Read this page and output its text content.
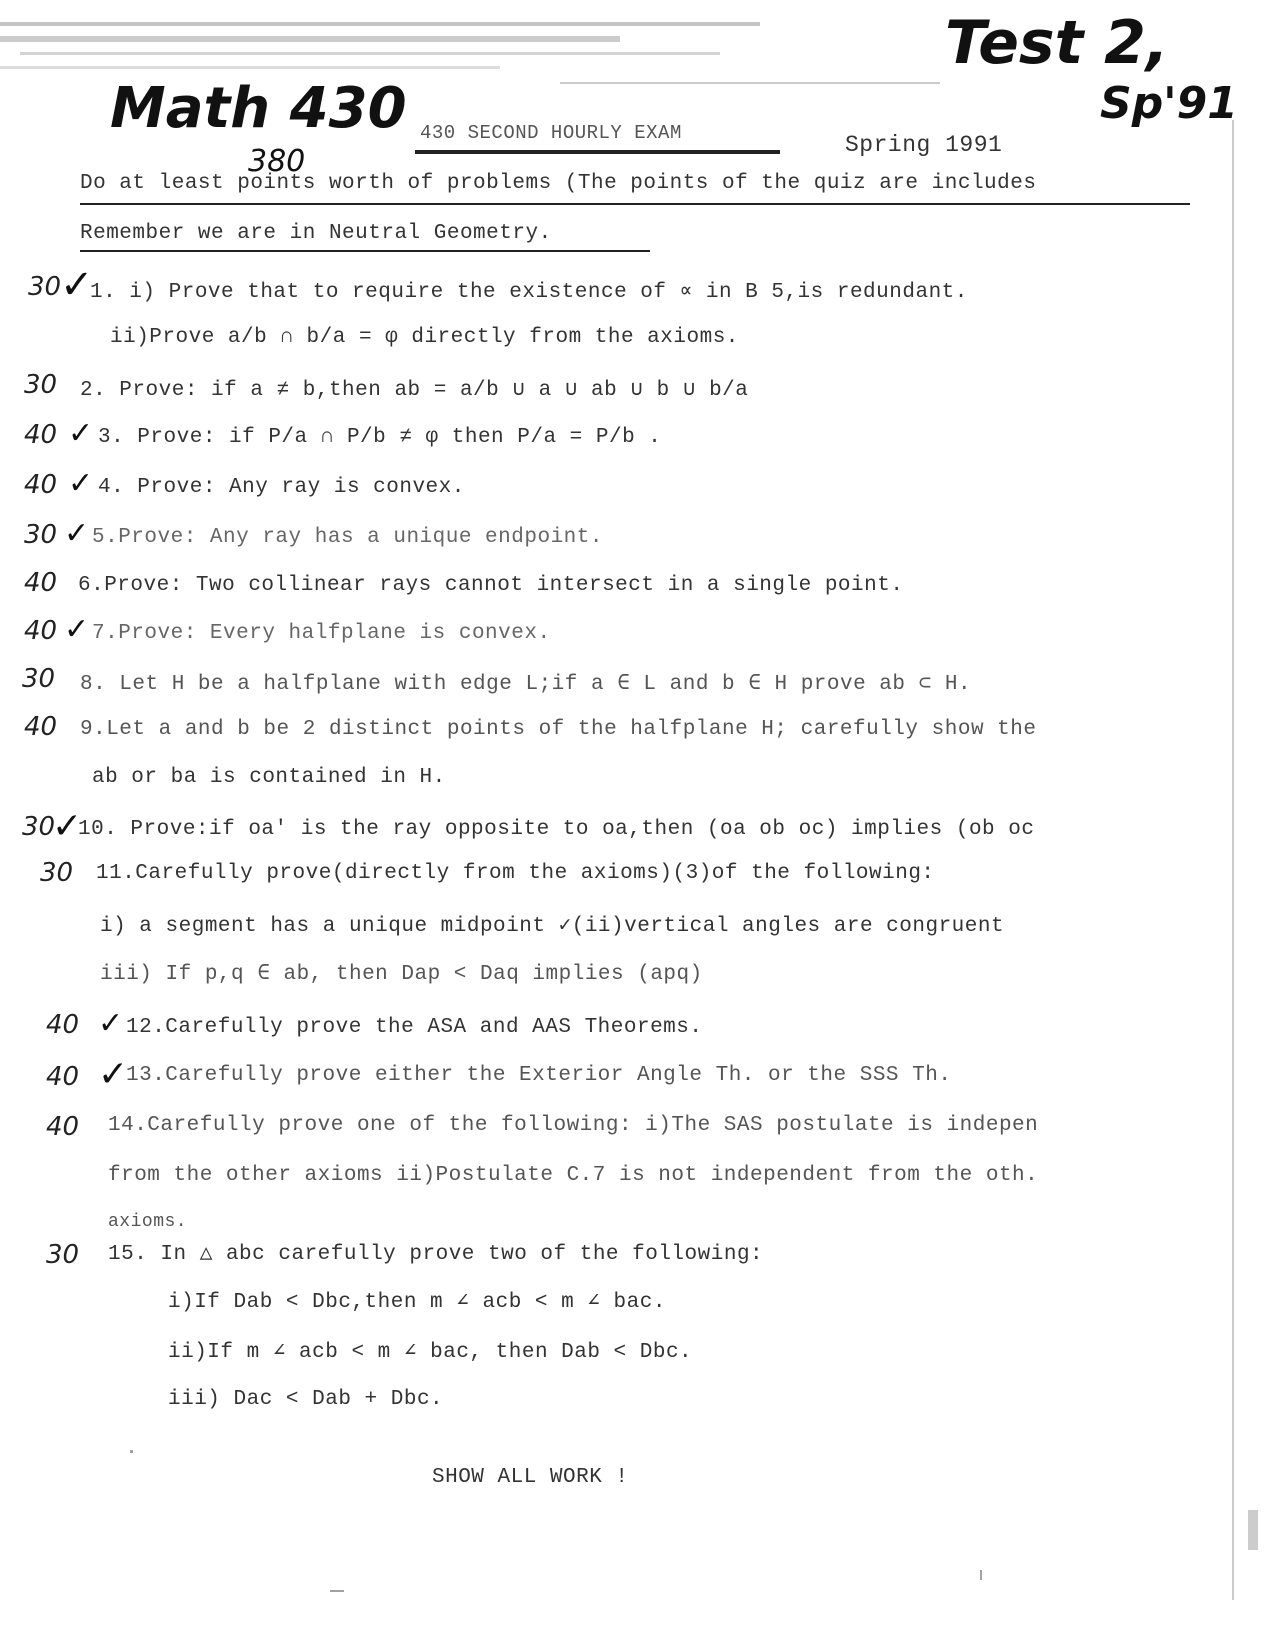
Math 430
Test 2,
Sp'91
430 SECOND HOURLY EXAM	Spring 1991
380
Do at least points worth of problems (The points of the quiz are includes
Remember we are in Neutral Geometry.
30
✓
1. i) Prove that to require the existence of ∝ in B 5,is redundant.
ii)Prove a/b ∩ b/a = φ directly from the axioms.
30 2. Prove: if a ≠ b,then ab = a/b ∪ a ∪ ab ∪ b ∪ b/a
40 ✓ 3. Prove: if P/a ∩ P/b ≠ φ then P/a = P/b .
40 ✓ 4. Prove: Any ray is convex.
30 ✓ 5.Prove: Any ray has a unique endpoint.
40 6.Prove: Two collinear rays cannot intersect in a single point.
40 ✓ 7.Prove: Every halfplane is convex.
30 8. Let H be a halfplane with edge L;if a ∈ L and b ∈ H prove ab ⊂ H.
40 9.Let a and b be 2 distinct points of the halfplane H; carefully show the
ab or ba is contained in H.
30
✓
10. Prove:if oa' is the ray opposite to oa,then (oa ob oc) implies (ob oc
30 11.Carefully prove(directly from the axioms)(3)of the following:
i) a segment has a unique midpoint ✓(ii)vertical angles are congruent
iii) If p,q ∈ ab, then Dap < Daq implies (apq)
40 ✓ 12.Carefully prove the ASA and AAS Theorems.
40 ✓
13.Carefully prove either the Exterior Angle Th. or the SSS Th.
40 14.Carefully prove one of the following: i)The SAS postulate is indepen
from the other axioms ii)Postulate C.7 is not independent from the oth.
axioms.
30 15. In △ abc carefully prove two of the following:
i)If Dab < Dbc,then m ∠ acb < m ∠ bac.
ii)If m ∠ acb < m ∠ bac, then Dab < Dbc.
iii) Dac < Dab + Dbc.
SHOW ALL WORK !
